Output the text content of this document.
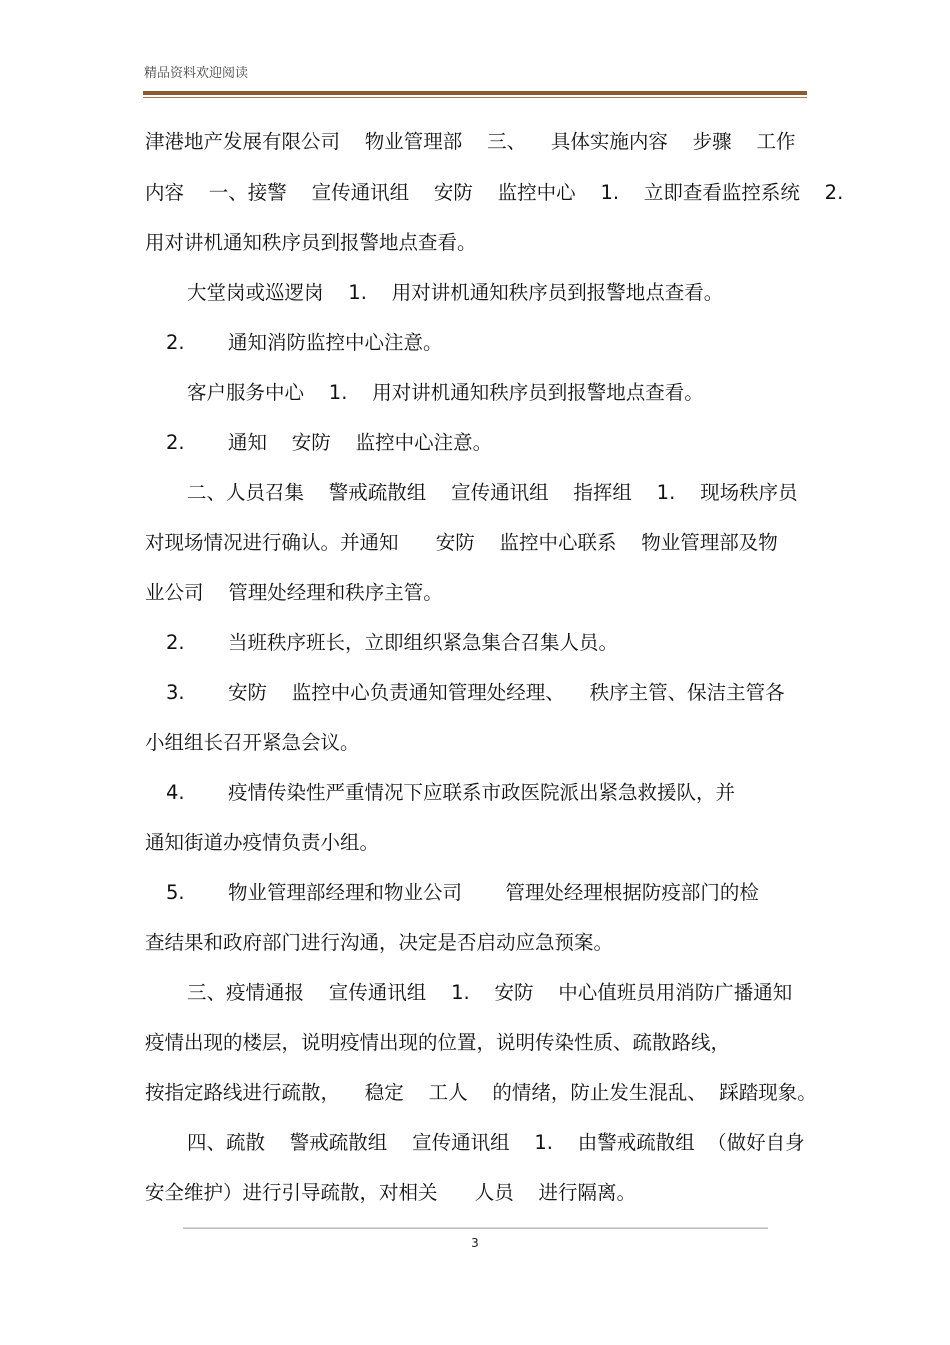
精品资料欢迎阅读
津港地产发展有限公司    物业管理部    三、    具体实施内容    步骤    工作
内容    一、接警    宣传通讯组    安防    监控中心    1.    立即查看监控系统    2.
用对讲机通知秩序员到报警地点查看。
大堂岗或巡逻岗    1.    用对讲机通知秩序员到报警地点查看。
2.       通知消防监控中心注意。
客户服务中心    1.    用对讲机通知秩序员到报警地点查看。
2.       通知    安防    监控中心注意。
二、人员召集    警戒疏散组    宣传通讯组    指挥组    1.    现场秩序员
对现场情况进行确认。并通知      安防    监控中心联系    物业管理部及物
业公司    管理处经理和秩序主管。
2.       当班秩序班长，立即组织紧急集合召集人员。
3.       安防    监控中心负责通知管理处经理、    秩序主管、保洁主管各
小组组长召开紧急会议。
4.       疫情传染性严重情况下应联系市政医院派出紧急救援队，并
通知街道办疫情负责小组。
5.       物业管理部经理和物业公司       管理处经理根据防疫部门的检
查结果和政府部门进行沟通，决定是否启动应急预案。
三、疫情通报    宣传通讯组    1.    安防    中心值班员用消防广播通知
疫情出现的楼层，说明疫情出现的位置，说明传染性质、疏散路线，
按指定路线进行疏散，    稳定    工人    的情绪，防止发生混乱、  踩踏现象。
四、疏散    警戒疏散组    宣传通讯组    1.    由警戒疏散组  （做好自身
安全维护）进行引导疏散，对相关      人员    进行隔离。
3
